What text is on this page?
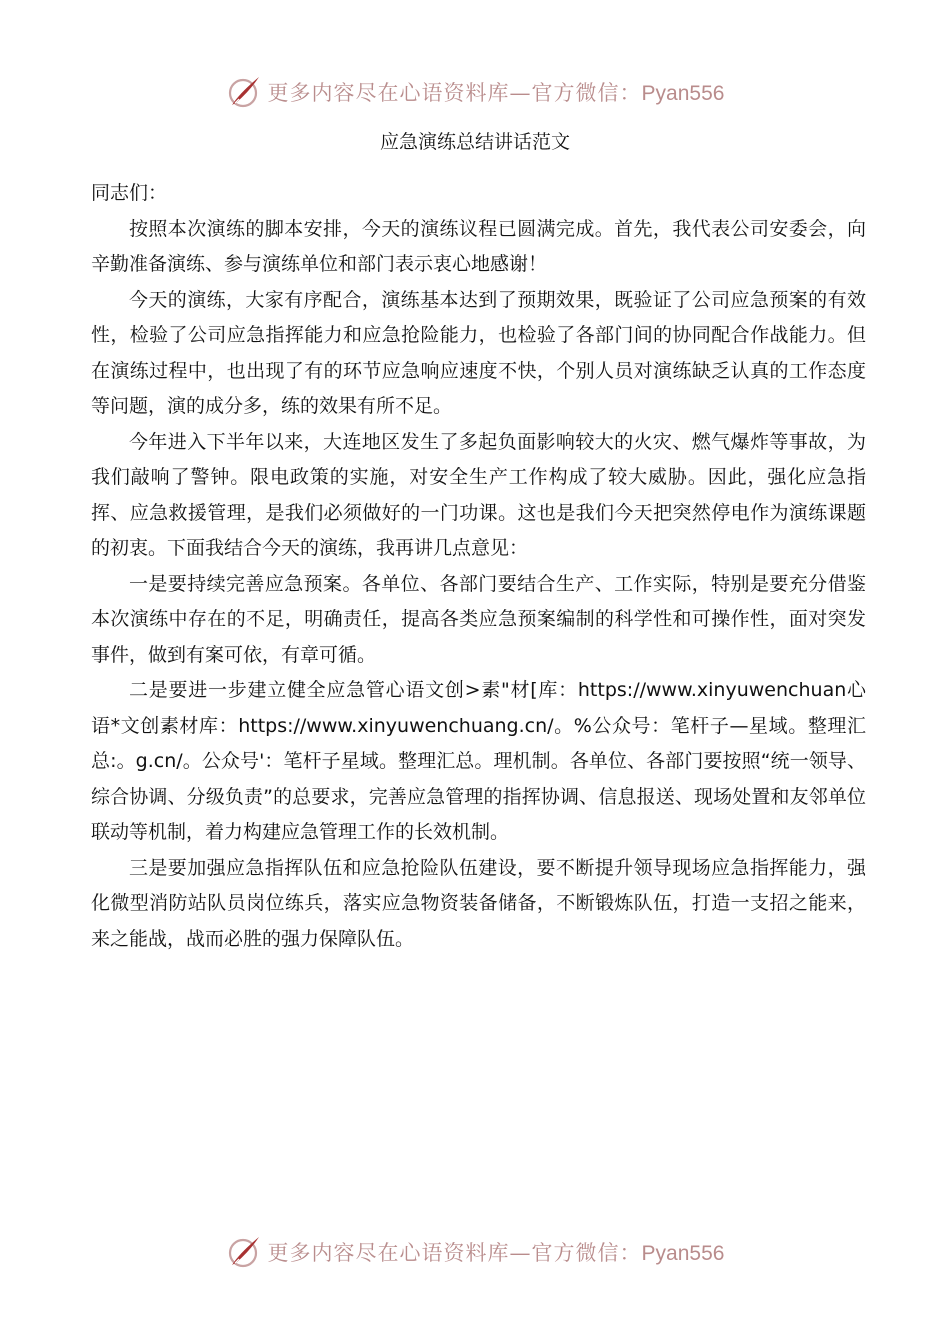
更多内容尽在心语资料库—官方微信：Pyan556
应急演练总结讲话范文

同志们：

按照本次演练的脚本安排，今天的演练议程已圆满完成。首先，我代表公司安委会，向辛勤准备演练、参与演练单位和部门表示衷心地感谢！

今天的演练，大家有序配合，演练基本达到了预期效果，既验证了公司应急预案的有效性，检验了公司应急指挥能力和应急抢险能力，也检验了各部门间的协同配合作战能力。但在演练过程中，也出现了有的环节应急响应速度不快，个别人员对演练缺乏认真的工作态度等问题，演的成分多，练的效果有所不足。

今年进入下半年以来，大连地区发生了多起负面影响较大的火灾、燃气爆炸等事故，为我们敲响了警钟。限电政策的实施，对安全生产工作构成了较大威胁。因此，强化应急指挥、应急救援管理，是我们必须做好的一门功课。这也是我们今天把突然停电作为演练课题的初衷。下面我结合今天的演练，我再讲几点意见：

一是要持续完善应急预案。各单位、各部门要结合生产、工作实际，特别是要充分借鉴本次演练中存在的不足，明确责任，提高各类应急预案编制的科学性和可操作性，面对突发事件，做到有案可依，有章可循。

二是要进一步建立健全应急管心语文创>素"材[库：https://www.xinyuwenchuan心语*文创素材库：https://www.xinyuwenchuang.cn/。%公众号：笔杆子—星域。整理汇总:。g.cn/。公众号'：笔杆子星域。整理汇总。理机制。各单位、各部门要按照“统一领导、综合协调、分级负责”的总要求，完善应急管理的指挥协调、信息报送、现场处置和友邻单位联动等机制，着力构建应急管理工作的长效机制。

三是要加强应急指挥队伍和应急抢险队伍建设，要不断提升领导现场应急指挥能力，强化微型消防站队员岗位练兵，落实应急物资装备储备，不断锻炼队伍，打造一支招之能来，来之能战，战而必胜的强力保障队伍。

更多内容尽在心语资料库—官方微信：Pyan556
